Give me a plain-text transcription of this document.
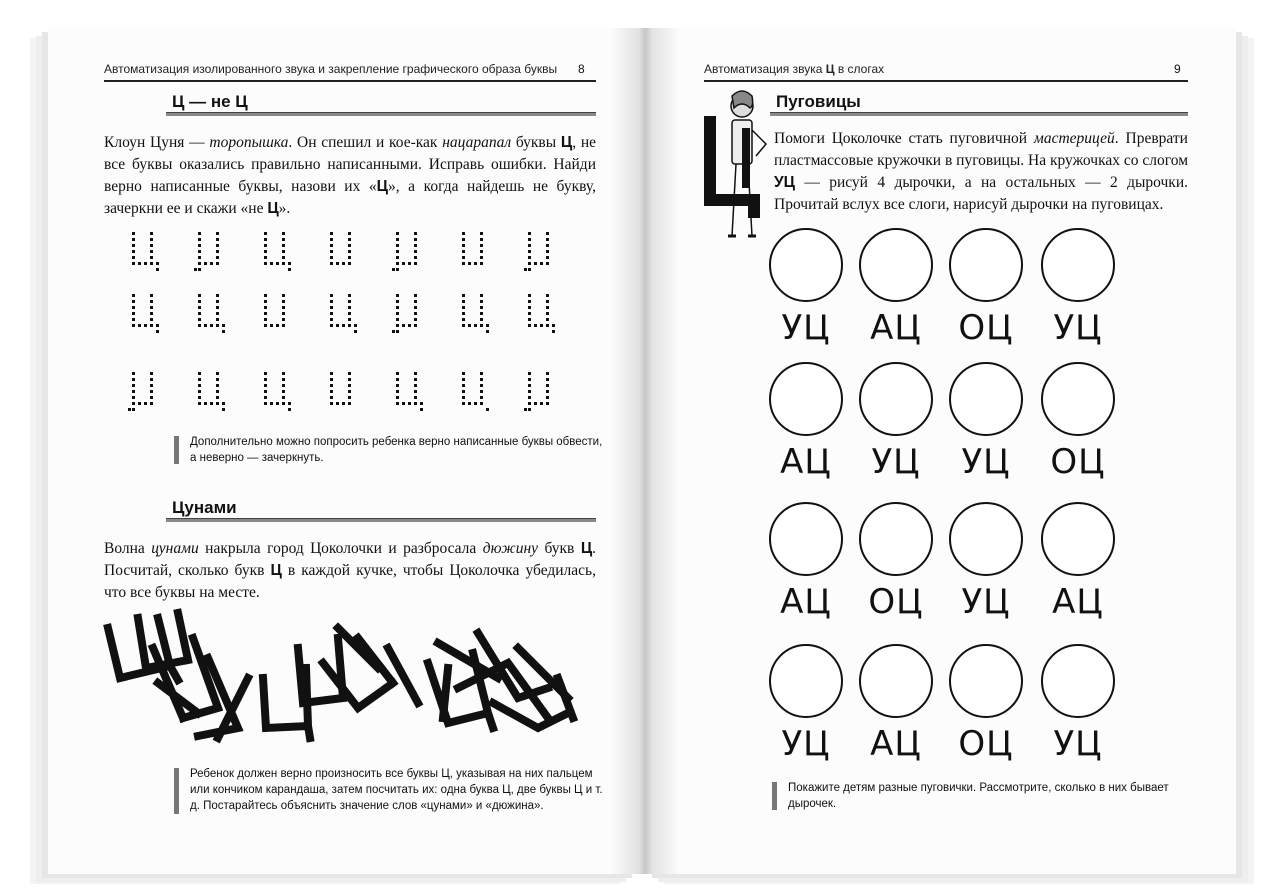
Автоматизация изолированного звука и закрепление графического образа буквы 8
Ц — не Ц
Клоун Цуня — торопышка. Он спешил и кое-как нацарапал буквы Ц, не все буквы оказались правильно написанными. Исправь ошибки. Найди верно написанные буквы, назови их «Ц», а когда найдешь не букву, зачеркни ее и скажи «не Ц».
Дополнительно можно попросить ребенка верно написанные буквы обвести, а неверно — зачеркнуть.
Цунами
Волна цунами накрыла город Цоколочки и разбросала дюжину букв Ц. Посчитай, сколько букв Ц в каждой кучке, чтобы Цоколочка убедилась, что все буквы на месте.
Ребенок должен верно произносить все буквы Ц, указывая на них пальцем или кончиком карандаша, затем посчитать их: одна буква Ц, две буквы Ц и т. д. Постарайтесь объяснить значение слов «цунами» и «дюжина».
Автоматизация звука Ц в слогах	9
Пуговицы
Помоги Цоколочке стать пуговичной мастерицей. Преврати пластмассовые кружочки в пуговицы. На кружочках со слогом УЦ — рисуй 4 дырочки, а на остальных — 2 дырочки. Прочитай вслух все слоги, нарисуй дырочки на пуговицах.
УЦ	АЦ	ОЦ	УЦ
АЦ	УЦ	УЦ	ОЦ
АЦ	ОЦ	УЦ	АЦ
УЦ	АЦ	ОЦ	УЦ
Покажите детям разные пуговички. Рассмотрите, сколько в них бывает дырочек.
